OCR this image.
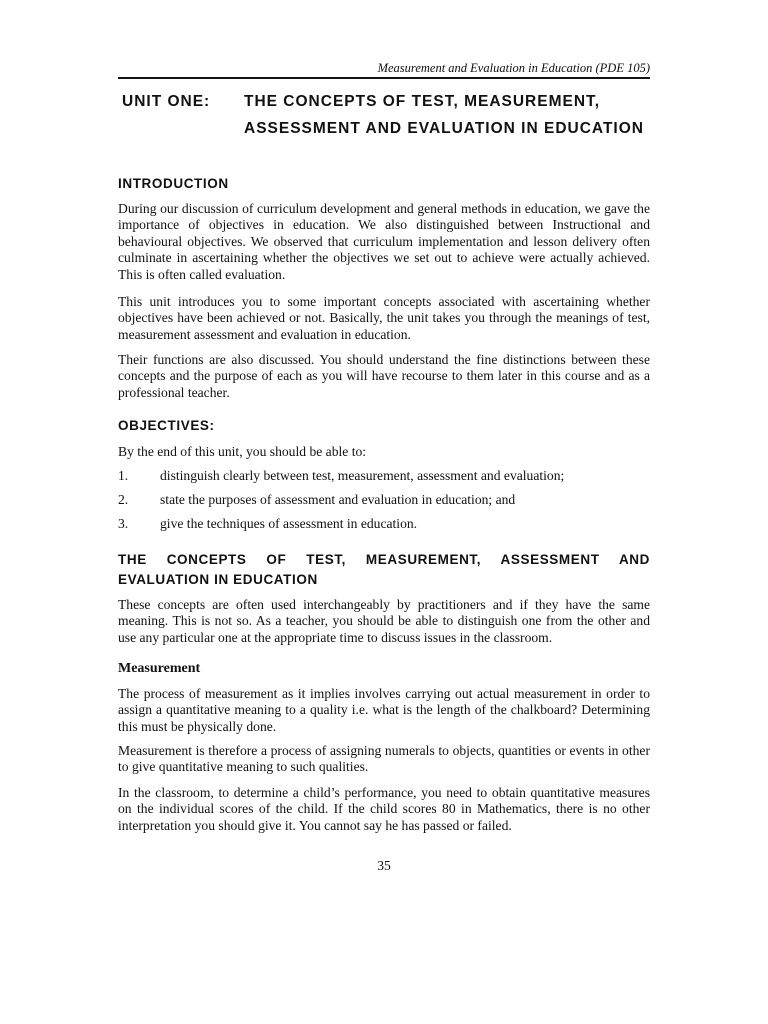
Measurement and Evaluation in Education (PDE 105)
UNIT ONE:	THE CONCEPTS OF TEST, MEASUREMENT, ASSESSMENT AND EVALUATION IN EDUCATION
INTRODUCTION

During our discussion of curriculum development and general methods in education, we gave the importance of objectives in education. We also distinguished between Instructional and behavioural objectives. We observed that curriculum implementation and lesson delivery often culminate in ascertaining whether the objectives we set out to achieve were actually achieved. This is often called evaluation.

This unit introduces you to some important concepts associated with ascertaining whether objectives have been achieved or not. Basically, the unit takes you through the meanings of test, measurement assessment and evaluation in education.

Their functions are also discussed. You should understand the fine distinctions between these concepts and the purpose of each as you will have recourse to them later in this course and as a professional teacher.

OBJECTIVES:

By the end of this unit, you should be able to:

1.	distinguish clearly between test, measurement, assessment and evaluation;
2.	state the purposes of assessment and evaluation in education; and
3.	give the techniques of assessment in education.
THE CONCEPTS OF TEST, MEASUREMENT, ASSESSMENT AND EVALUATION IN EDUCATION

These concepts are often used interchangeably by practitioners and if they have the same meaning. This is not so. As a teacher, you should be able to distinguish one from the other and use any particular one at the appropriate time to discuss issues in the classroom.

Measurement

The process of measurement as it implies involves carrying out actual measurement in order to assign a quantitative meaning to a quality i.e. what is the length of the chalkboard? Determining this must be physically done.

Measurement is therefore a process of assigning numerals to objects, quantities or events in other to give quantitative meaning to such qualities.

In the classroom, to determine a child’s performance, you need to obtain quantitative measures on the individual scores of the child. If the child scores 80 in Mathematics, there is no other interpretation you should give it. You cannot say he has passed or failed.

35
